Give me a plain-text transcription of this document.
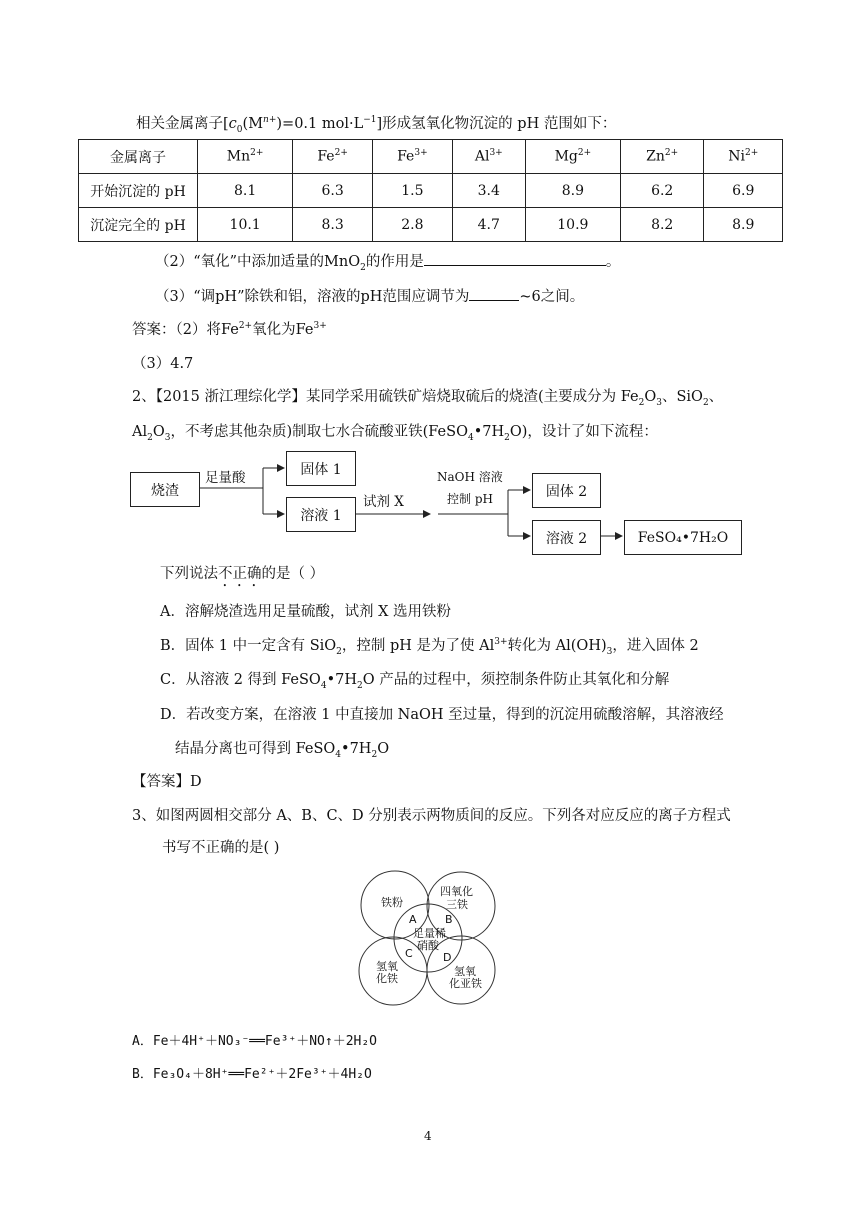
相关金属离子[$c_0(M^{n+})=0.1$ $mol\cdot L^{-1}$]形成氢氧化物沉淀的 pH 范围如下：
金属离子	$Mn^{2+}$	$Fe^{2+}$	$Fe^{3+}$	$Al^{3+}$	$Mg^{2+}$	$Zn^{2+}$	$Ni^{2+}$
开始沉淀的 pH	8.1	6.3	1.5	3.4	8.9	6.2	6.9
沉淀完全的 pH	10.1	8.3	2.8	4.7	10.9	8.2	8.9
（2）“氧化”中添加适量的MnO$_2$的作用是	。
（3）“调pH”除铁和铝，溶液的pH范围应调节为	~6之间。
答案：（2）将$Fe^{2+}$氧化为$Fe^{3+}$
（3）4.7
2、【2015 浙江理综化学】某同学采用硫铁矿焙烧取硫后的烧渣(主要成分为 $Fe_2O_3$、SiO$_2$、
$Al_2O_3$，不考虑其他杂质)制取七水合硫酸亚铁$(FeSO_4•7H_2O)$，设计了如下流程：
烧渣
足量酸
固体 1
溶液 1
试剂 X
NaOH 溶液
控制 pH	固体 2
溶液 2	FeSO₄•7H₂O
下列说法不正确的是（ ）
A．溶解烧渣选用足量硫酸，试剂 X 选用铁粉
B．固体 1 中一定含有 SiO$_2$，控制 pH 是为了使 $Al^{3+}$转化为 $Al(OH)_3$，进入固体 2
C．从溶液 2 得到 $FeSO_4•7H_2O$ 产品的过程中，须控制条件防止其氧化和分解
D．若改变方案，在溶液 1 中直接加 NaOH 至过量，得到的沉淀用硫酸溶解，其溶液经
结晶分离也可得到 $FeSO_4•7H_2O$
【答案】D
3、如图两圆相交部分 A、B、C、D 分别表示两物质间的反应。下列各对应反应的离子方程式
书写不正确的是( )
铁粉
四氧化
三铁
足量稀
硝酸
氢氧
化铁
氢氧
化亚铁
A	B
C	D
A．Fe＋4H⁺＋NO₃⁻══Fe³⁺＋NO↑＋2H₂O
B．Fe₃O₄＋8H⁺══Fe²⁺＋2Fe³⁺＋4H₂O
4
